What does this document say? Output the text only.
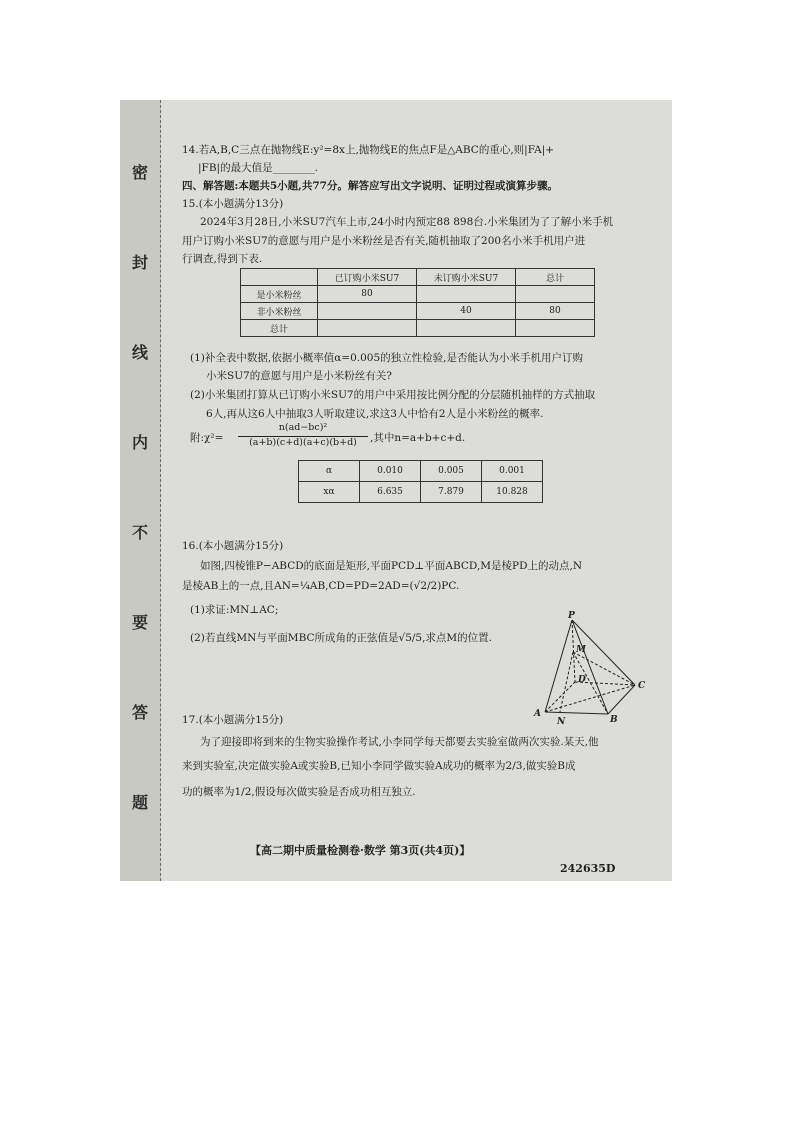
密
封
线
内
不
要
答
题
14.若A,B,C三点在抛物线E:y²=8x上,抛物线E的焦点F是△ABC的重心,则|FA|+
|FB|的最大值是________.
四、解答题:本题共5小题,共77分。解答应写出文字说明、证明过程或演算步骤。
15.(本小题满分13分)
2024年3月28日,小米SU7汽车上市,24小时内预定88 898台.小米集团为了了解小米手机
用户订购小米SU7的意愿与用户是小米粉丝是否有关,随机抽取了200名小米手机用户进
行调查,得到下表.
	已订购小米SU7	未订购小米SU7	总计
是小米粉丝	80		
非小米粉丝		40	80
总计			
(1)补全表中数据,依据小概率值α=0.005的独立性检验,是否能认为小米手机用户订购
小米SU7的意愿与用户是小米粉丝有关?
(2)小米集团打算从已订购小米SU7的用户中采用按比例分配的分层随机抽样的方式抽取
6人,再从这6人中抽取3人听取建议,求这3人中恰有2人是小米粉丝的概率.
附:χ²=
n(ad−bc)²
(a+b)(c+d)(a+c)(b+d)	,其中n=a+b+c+d.
α	0.010	0.005	0.001
xα	6.635	7.879	10.828
16.(本小题满分15分)
如图,四棱锥P−ABCD的底面是矩形,平面PCD⊥平面ABCD,M是棱PD上的动点,N
是棱AB上的一点,且AN=¼AB,CD=PD=2AD=(√2/2)PC.
(1)求证:MN⊥AC;
(2)若直线MN与平面MBC所成角的正弦值是√5/5,求点M的位置.
P
M
D
C
A
N	B
17.(本小题满分15分)
为了迎接即将到来的生物实验操作考试,小李同学每天都要去实验室做两次实验.某天,他
来到实验室,决定做实验A或实验B,已知小李同学做实验A成功的概率为2/3,做实验B成
功的概率为1/2,假设每次做实验是否成功相互独立.
【高二期中质量检测卷·数学 第3页(共4页)】
242635D
